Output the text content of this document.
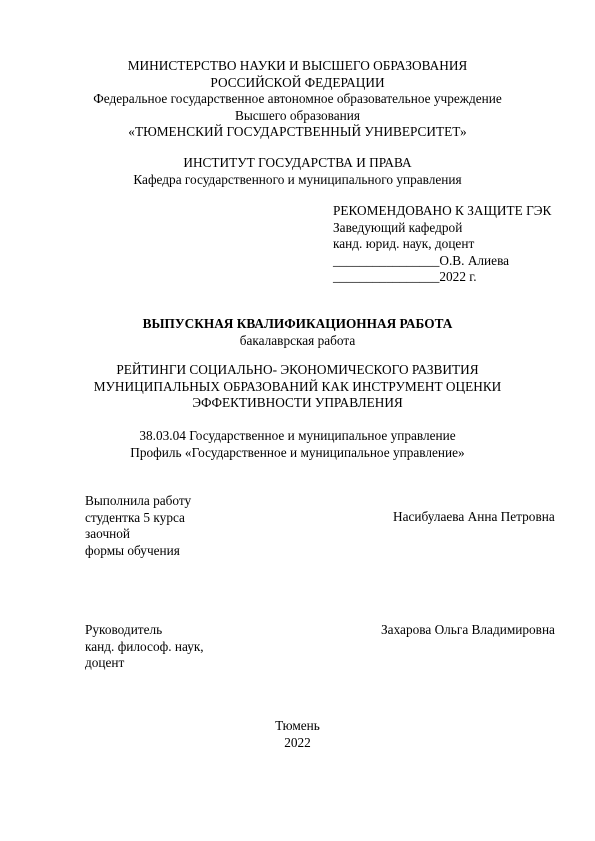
МИНИСТЕРСТВО НАУКИ И ВЫСШЕГО ОБРАЗОВАНИЯ
РОССИЙСКОЙ ФЕДЕРАЦИИ
Федеральное государственное автономное образовательное учреждение
Высшего образования
«ТЮМЕНСКИЙ ГОСУДАРСТВЕННЫЙ УНИВЕРСИТЕТ»
ИНСТИТУТ ГОСУДАРСТВА И ПРАВА
Кафедра государственного и муниципального управления
РЕКОМЕНДОВАНО К ЗАЩИТЕ ГЭК
Заведующий кафедрой
канд. юрид. наук, доцент
________________О.В. Алиева
________________2022 г.
ВЫПУСКНАЯ КВАЛИФИКАЦИОННАЯ РАБОТА
бакалаврская работа
РЕЙТИНГИ СОЦИАЛЬНО- ЭКОНОМИЧЕСКОГО РАЗВИТИЯ
МУНИЦИПАЛЬНЫХ ОБРАЗОВАНИЙ КАК ИНСТРУМЕНТ ОЦЕНКИ
ЭФФЕКТИВНОСТИ УПРАВЛЕНИЯ
38.03.04 Государственное и муниципальное управление
Профиль «Государственное и муниципальное управление»
Выполнила работу
студентка 5 курса
заочной
формы обучения
Насибулаева Анна Петровна
Руководитель
канд. философ. наук,
доцент
Захарова Ольга Владимировна
Тюмень
2022
